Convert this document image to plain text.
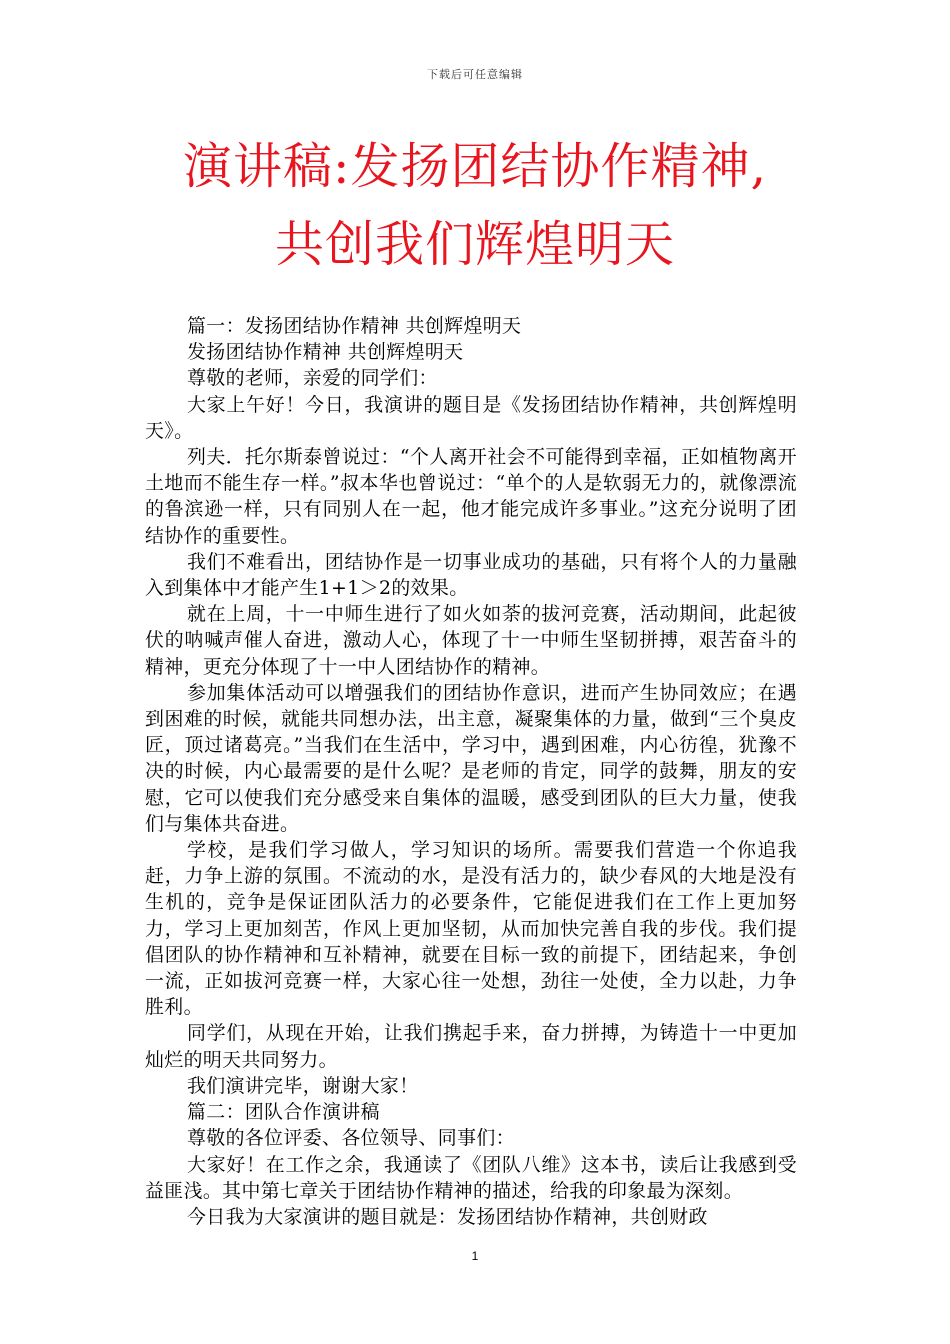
下载后可任意编辑
演讲稿:发扬团结协作精神,
共创我们辉煌明天

篇一：发扬团结协作精神 共创辉煌明天

发扬团结协作精神 共创辉煌明天

尊敬的老师，亲爱的同学们：

大家上午好！今日，我演讲的题目是《发扬团结协作精神，共创辉煌明天》。

列夫．托尔斯泰曾说过：“个人离开社会不可能得到幸福，正如植物离开土地而不能生存一样。”叔本华也曾说过：“单个的人是软弱无力的，就像漂流的鲁滨逊一样，只有同别人在一起，他才能完成许多事业。”这充分说明了团结协作的重要性。

我们不难看出，团结协作是一切事业成功的基础，只有将个人的力量融入到集体中才能产生1+1＞2的效果。

就在上周，十一中师生进行了如火如荼的拔河竞赛，活动期间，此起彼伏的呐喊声催人奋进，激动人心，体现了十一中师生坚韧拼搏，艰苦奋斗的精神，更充分体现了十一中人团结协作的精神。

参加集体活动可以增强我们的团结协作意识，进而产生协同效应；在遇到困难的时候，就能共同想办法，出主意，凝聚集体的力量，做到“三个臭皮匠，顶过诸葛亮。”当我们在生活中，学习中，遇到困难，内心彷徨，犹豫不决的时候，内心最需要的是什么呢？是老师的肯定，同学的鼓舞，朋友的安慰，它可以使我们充分感受来自集体的温暖，感受到团队的巨大力量，使我们与集体共奋进。

学校，是我们学习做人，学习知识的场所。需要我们营造一个你追我赶，力争上游的氛围。不流动的水，是没有活力的，缺少春风的大地是没有生机的，竞争是保证团队活力的必要条件，它能促进我们在工作上更加努力，学习上更加刻苦，作风上更加坚韧，从而加快完善自我的步伐。我们提倡团队的协作精神和互补精神，就要在目标一致的前提下，团结起来，争创一流，正如拔河竞赛一样，大家心往一处想，劲往一处使，全力以赴，力争胜利。

同学们，从现在开始，让我们携起手来，奋力拼搏，为铸造十一中更加灿烂的明天共同努力。

我们演讲完毕，谢谢大家！

篇二：团队合作演讲稿

尊敬的各位评委、各位领导、同事们：

大家好！在工作之余，我通读了《团队八维》这本书，读后让我感到受益匪浅。其中第七章关于团结协作精神的描述，给我的印象最为深刻。

今日我为大家演讲的题目就是：发扬团结协作精神，共创财政

1
